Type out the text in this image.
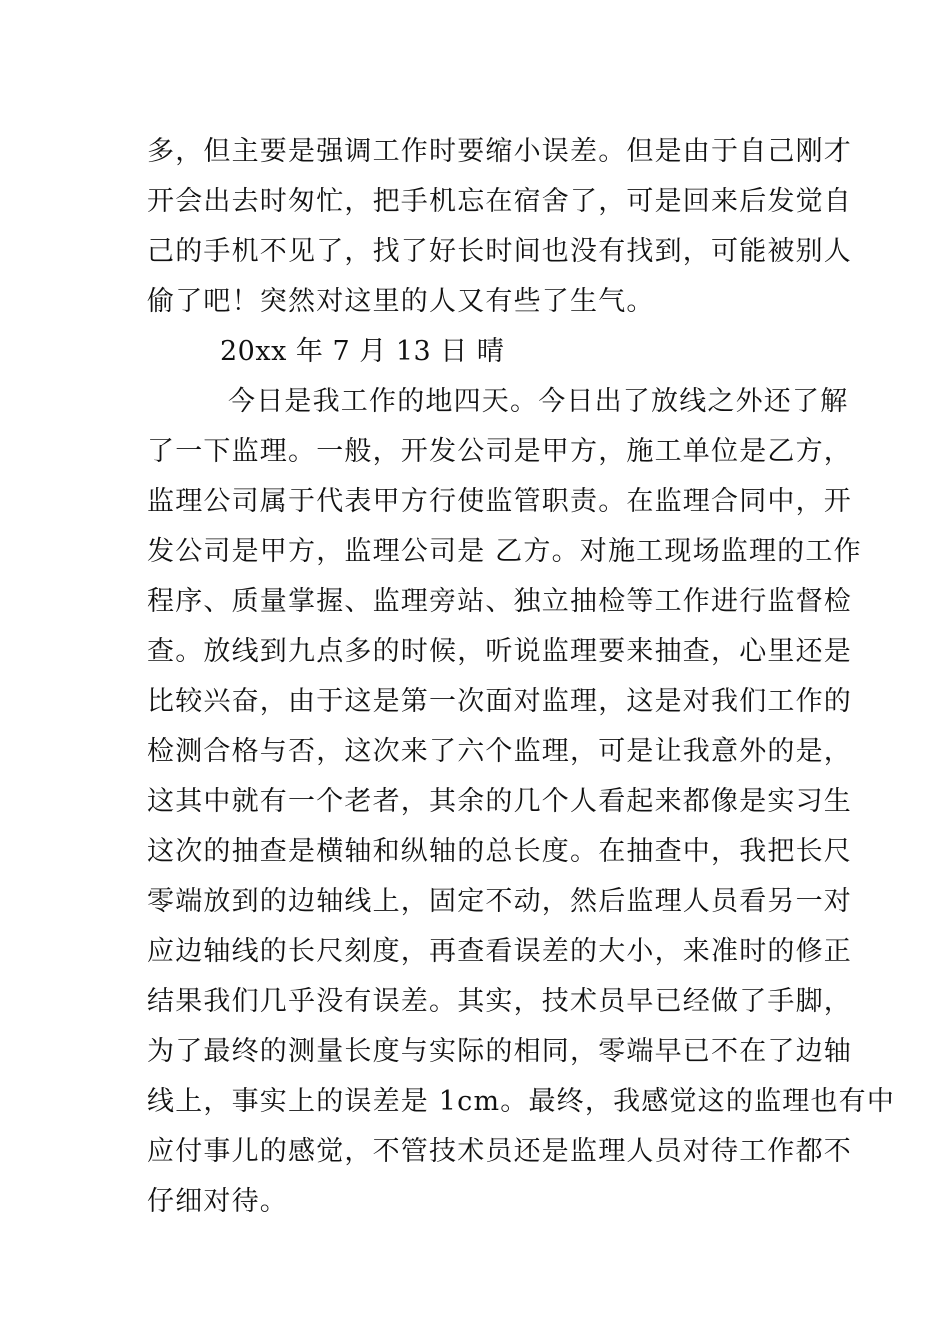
多，但主要是强调工作时要缩小误差。但是由于自己刚才
开会出去时匆忙，把手机忘在宿舍了，可是回来后发觉自
己的手机不见了，找了好长时间也没有找到，可能被别人
偷了吧！突然对这里的人又有些了生气。
20xx 年 7 月 13 日 晴
今日是我工作的地四天。今日出了放线之外还了解
了一下监理。一般，开发公司是甲方，施工单位是乙方，
监理公司属于代表甲方行使监管职责。在监理合同中，开
发公司是甲方，监理公司是 乙方。对施工现场监理的工作
程序、质量掌握、监理旁站、独立抽检等工作进行监督检
查。放线到九点多的时候，听说监理要来抽查，心里还是
比较兴奋，由于这是第一次面对监理，这是对我们工作的
检测合格与否，这次来了六个监理，可是让我意外的是，
这其中就有一个老者，其余的几个人看起来都像是实习生
这次的抽查是横轴和纵轴的总长度。在抽查中，我把长尺
零端放到的边轴线上，固定不动，然后监理人员看另一对
应边轴线的长尺刻度，再查看误差的大小，来准时的修正
结果我们几乎没有误差。其实，技术员早已经做了手脚，
为了最终的测量长度与实际的相同，零端早已不在了边轴
线上，事实上的误差是 1cm。最终，我感觉这的监理也有中
应付事儿的感觉，不管技术员还是监理人员对待工作都不
仔细对待。
